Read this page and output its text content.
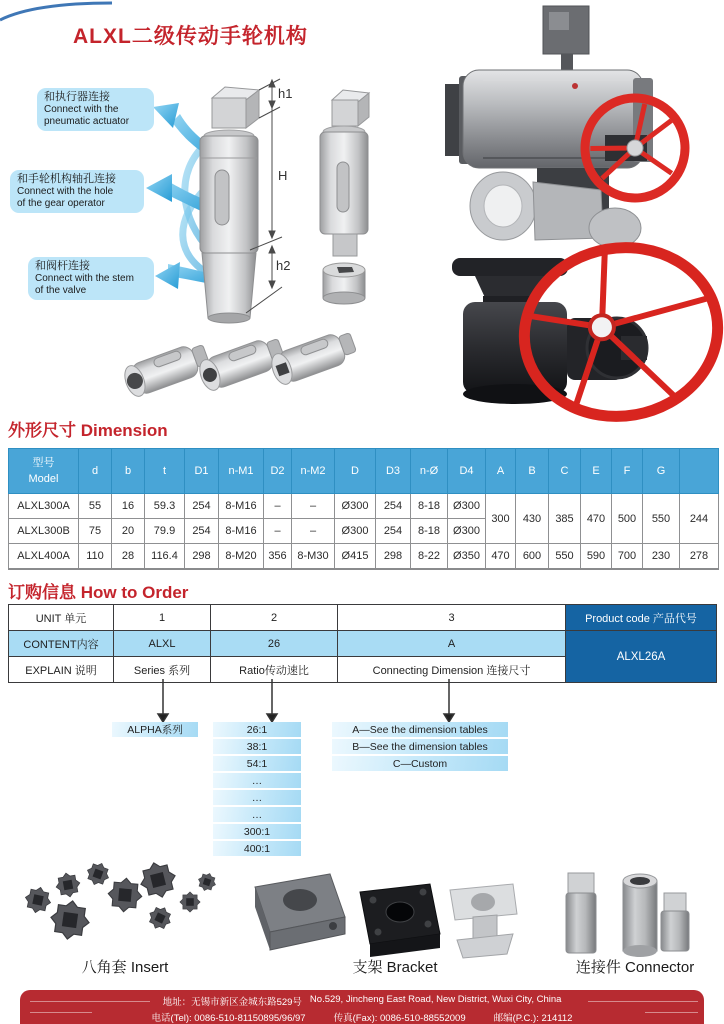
ALXL二级传动手轮机构
h1
H
h2
和执行器连接
Connect with the
pneumatic actuator
和手轮机构轴孔连接
Connect with the hole
of the gear operator
和阀杆连接
Connect with the stem
of the valve
外形尺寸 Dimension
型号
Model	d	b	t	D1	n-M1	D2	n-M2	D	D3	n-Ø	D4	A	B	C	E	F	G	
ALXL300A	55	16	59.3	254	8-M16	–	–	Ø300	254	8-18	Ø300	300	430	385	470	500	550	244
ALXL300B	75	20	79.9	254	8-M16	–	–	Ø300	254	8-18	Ø300							
ALXL400A	110	28	116.4	298	8-M20	356	8-M30	Ø415	298	8-22	Ø350	470	600	550	590	700	230	278
订购信息 How to Order
UNIT 单元	1	2	3	Product code 产品代号
CONTENT内容	ALXL	26	A	ALXL26A
EXPLAIN 说明	Series 系列	Ratio传动速比	Connecting Dimension 连接尺寸	
ALPHA系列	26:1
38:1
54:1
…
…
…
300:1
400:1
A—See the dimension tables
B—See the dimension tables
C—Custom
八角套 Insert	支架 Bracket	连接件 Connector
地址：无锡市新区金城东路529号 No.529, Jincheng East Road, New District, Wuxi City, China
电话(Tel): 0086-510-81150895/96/97	传真(Fax): 0086-510-88552009	邮编(P.C.): 214112
